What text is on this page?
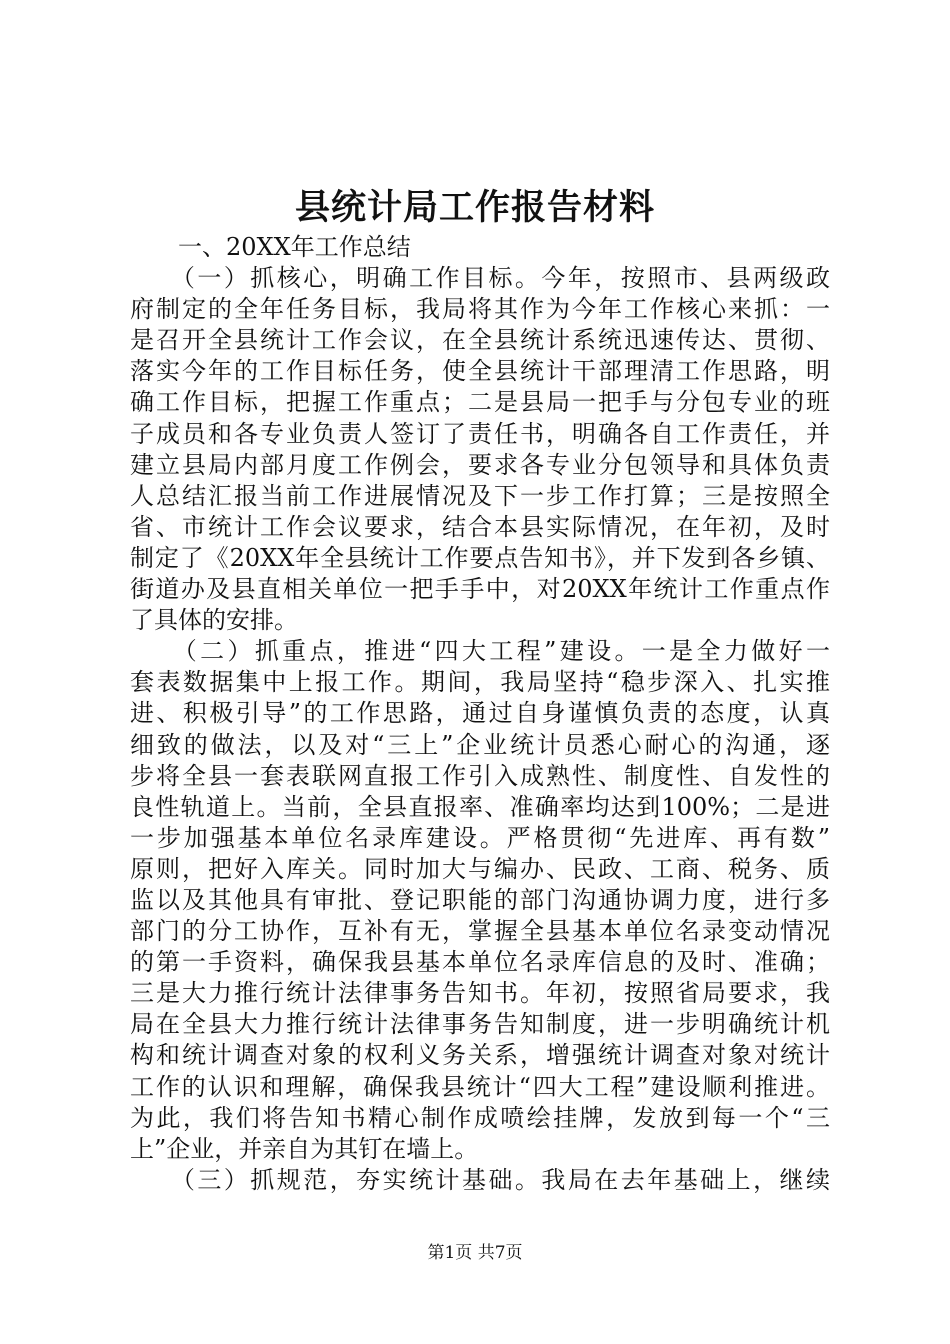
县统计局工作报告材料
　　一、20XX年工作总结
　　（一）抓核心，明确工作目标。今年，按照市、县两级政
府制定的全年任务目标，我局将其作为今年工作核心来抓：一
是召开全县统计工作会议，在全县统计系统迅速传达、贯彻、
落实今年的工作目标任务，使全县统计干部理清工作思路，明
确工作目标，把握工作重点；二是县局一把手与分包专业的班
子成员和各专业负责人签订了责任书，明确各自工作责任，并
建立县局内部月度工作例会，要求各专业分包领导和具体负责
人总结汇报当前工作进展情况及下一步工作打算；三是按照全
省、市统计工作会议要求，结合本县实际情况，在年初，及时
制定了《20XX年全县统计工作要点告知书》，并下发到各乡镇、
街道办及县直相关单位一把手手中，对20XX年统计工作重点作
了具体的安排。
　　（二）抓重点，推进“四大工程”建设。一是全力做好一
套表数据集中上报工作。期间，我局坚持“稳步深入、扎实推
进、积极引导”的工作思路，通过自身谨慎负责的态度，认真
细致的做法，以及对“三上”企业统计员悉心耐心的沟通，逐
步将全县一套表联网直报工作引入成熟性、制度性、自发性的
良性轨道上。当前，全县直报率、准确率均达到100%；二是进
一步加强基本单位名录库建设。严格贯彻“先进库、再有数”
原则，把好入库关。同时加大与编办、民政、工商、税务、质
监以及其他具有审批、登记职能的部门沟通协调力度，进行多
部门的分工协作，互补有无，掌握全县基本单位名录变动情况
的第一手资料，确保我县基本单位名录库信息的及时、准确；
三是大力推行统计法律事务告知书。年初，按照省局要求，我
局在全县大力推行统计法律事务告知制度，进一步明确统计机
构和统计调查对象的权利义务关系，增强统计调查对象对统计
工作的认识和理解，确保我县统计“四大工程”建设顺利推进。
为此，我们将告知书精心制作成喷绘挂牌，发放到每一个“三
上”企业，并亲自为其钉在墙上。
　　（三）抓规范，夯实统计基础。我局在去年基础上，继续
第1页 共7页
